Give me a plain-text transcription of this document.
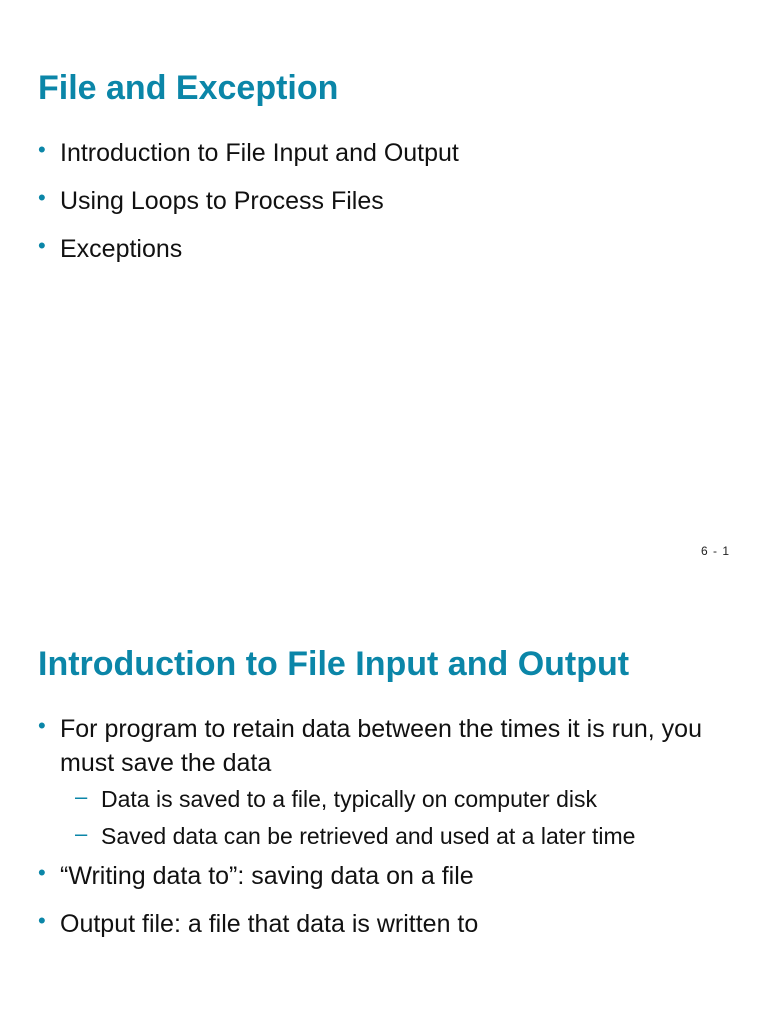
File and Exception
• Introduction to File Input and Output
• Using Loops to Process Files
• Exceptions
6 - 1
Introduction to File Input and Output
• For program to retain data between the times it is run, you must save the data
– Data is saved to a file, typically on computer disk
– Saved data can be retrieved and used at a later time
• “Writing data to”: saving data on a file
• Output file: a file that data is written to
